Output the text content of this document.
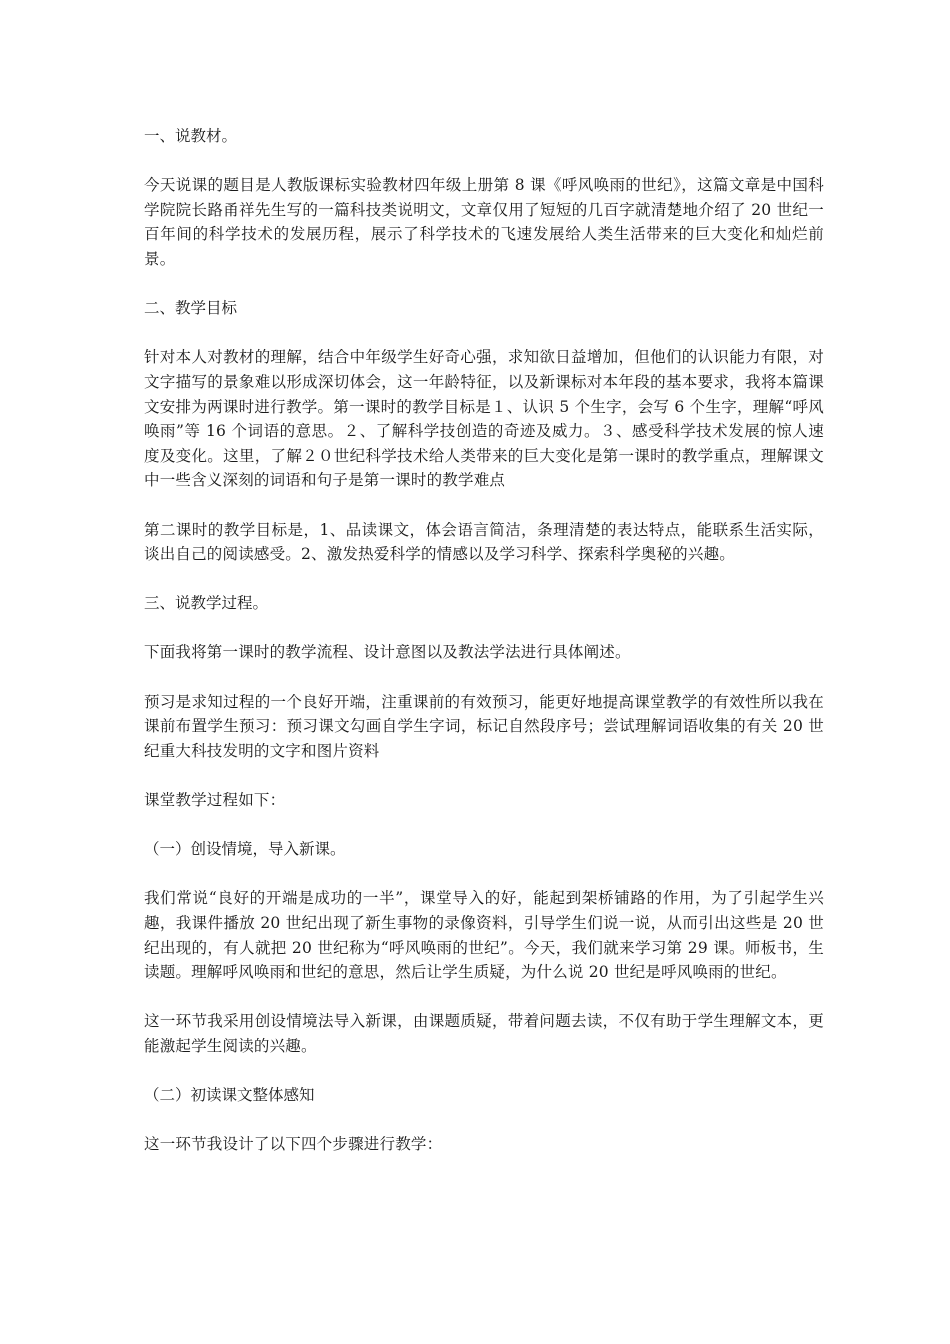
一、说教材。

今天说课的题目是人教版课标实验教材四年级上册第 8 课《呼风唤雨的世纪》，这篇文章是中国科学院院长路甬祥先生写的一篇科技类说明文，文章仅用了短短的几百字就清楚地介绍了 20 世纪一百年间的科学技术的发展历程，展示了科学技术的飞速发展给人类生活带来的巨大变化和灿烂前景。

二、教学目标

针对本人对教材的理解，结合中年级学生好奇心强，求知欲日益增加，但他们的认识能力有限，对文字描写的景象难以形成深切体会，这一年龄特征，以及新课标对本年段的基本要求，我将本篇课文安排为两课时进行教学。第一课时的教学目标是１、认识 5 个生字，会写 6 个生字，理解“呼风唤雨”等 16 个词语的意思。２、了解科学技创造的奇迹及威力。３、感受科学技术发展的惊人速度及变化。这里，了解２０世纪科学技术给人类带来的巨大变化是第一课时的教学重点，理解课文中一些含义深刻的词语和句子是第一课时的教学难点

第二课时的教学目标是，1、品读课文，体会语言简洁，条理清楚的表达特点，能联系生活实际，谈出自己的阅读感受。2、激发热爱科学的情感以及学习科学、探索科学奥秘的兴趣。

三、说教学过程。

下面我将第一课时的教学流程、设计意图以及教法学法进行具体阐述。

预习是求知过程的一个良好开端，注重课前的有效预习，能更好地提高课堂教学的有效性所以我在课前布置学生预习：预习课文勾画自学生字词，标记自然段序号；尝试理解词语收集的有关 20 世纪重大科技发明的文字和图片资料

课堂教学过程如下：

（一）创设情境，导入新课。

我们常说“良好的开端是成功的一半”，课堂导入的好，能起到架桥铺路的作用，为了引起学生兴趣，我课件播放 20 世纪出现了新生事物的录像资料，引导学生们说一说，从而引出这些是 20 世纪出现的，有人就把 20 世纪称为“呼风唤雨的世纪”。今天，我们就来学习第 29 课。师板书，生读题。理解呼风唤雨和世纪的意思，然后让学生质疑，为什么说 20 世纪是呼风唤雨的世纪。

这一环节我采用创设情境法导入新课，由课题质疑，带着问题去读，不仅有助于学生理解文本，更能激起学生阅读的兴趣。

（二）初读课文整体感知

这一环节我设计了以下四个步骤进行教学：
